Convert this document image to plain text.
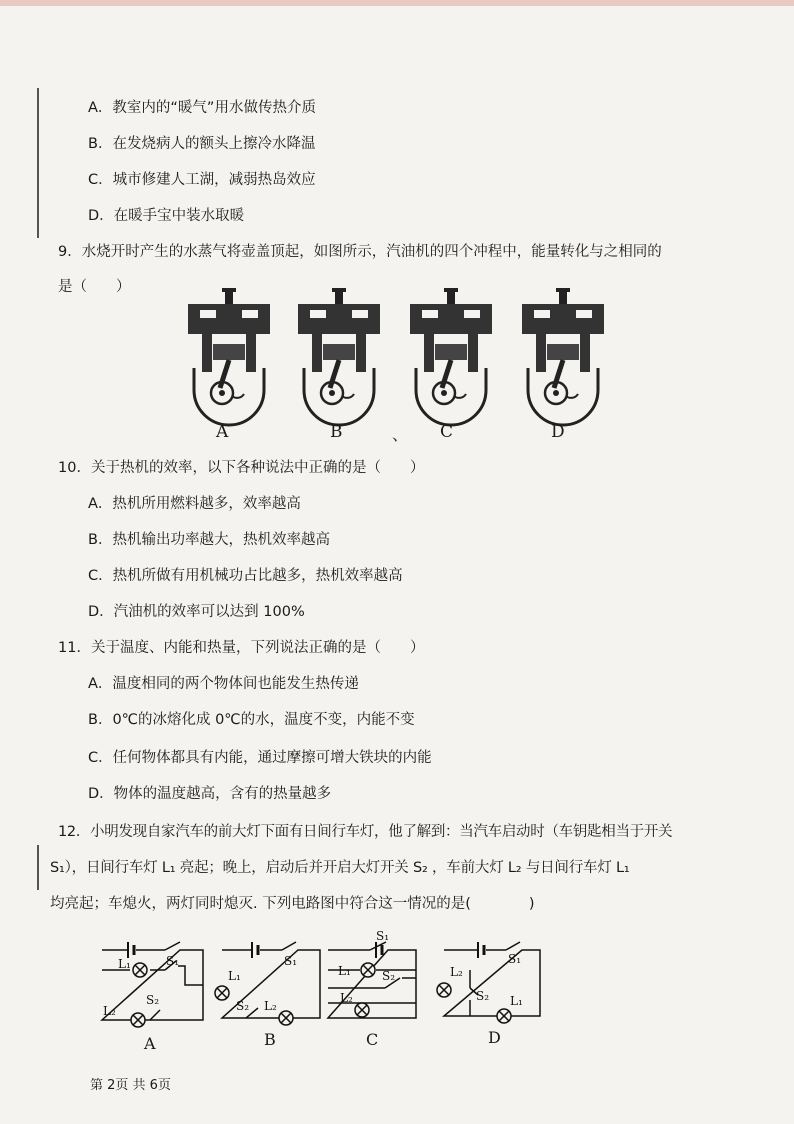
A．教室内的“暖气”用水做传热介质
B．在发烧病人的额头上擦冷水降温
C．城市修建人工湖，减弱热岛效应
D．在暖手宝中装水取暖
9．水烧开时产生的水蒸气将壶盖顶起，如图所示，汽油机的四个冲程中，能量转化与之相同的
是（　　）
、
A	B	C	D
10．关于热机的效率，以下各种说法中正确的是（　　）
A．热机所用燃料越多，效率越高
B．热机输出功率越大，热机效率越高
C．热机所做有用机械功占比越多，热机效率越高
D．汽油机的效率可以达到 100%
11．关于温度、内能和热量，下列说法正确的是（　　）
A．温度相同的两个物体间也能发生热传递
B．0℃的冰熔化成 0℃的水，温度不变，内能不变
C．任何物体都具有内能，通过摩擦可增大铁块的内能
D．物体的温度越高，含有的热量越多
12．小明发现自家汽车的前大灯下面有日间行车灯，他了解到：当汽车启动时（车钥匙相当于开关
S₁），日间行车灯 L₁ 亮起；晚上，启动后并开启大灯开关 S₂ ，车前大灯 L₂ 与日间行车灯 L₁
均亮起；车熄火，两灯同时熄灭. 下列电路图中符合这一情况的是(　　　　)
S₁
L₁
L₂
S₂
S₁
L₁
S₂ L₂
S₁
L₁	S₂
L₂
S₁
L₂
S₂ L₁
A	B	C	D
第 2页 共 6页
